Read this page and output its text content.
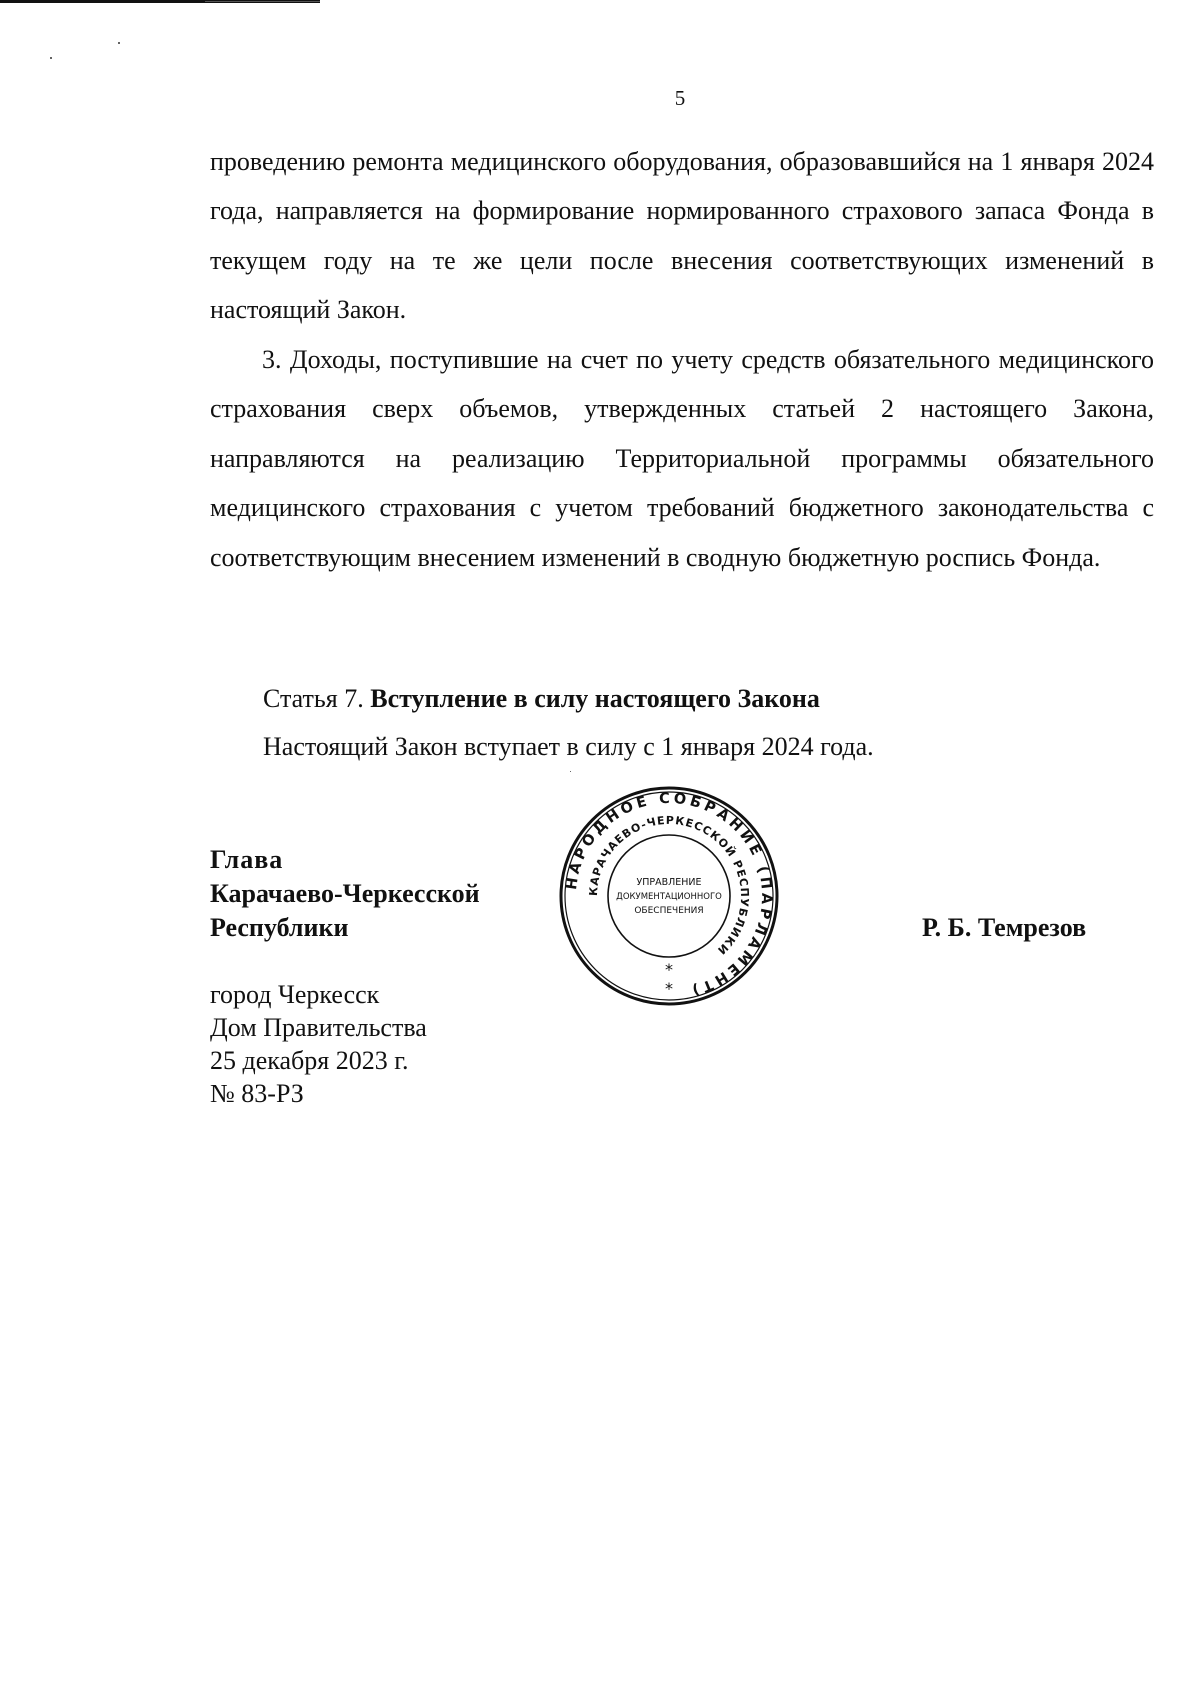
5
проведению ремонта медицинского оборудования, образовавшийся на 1 января 2024 года, направляется на формирование нормированного страхового запаса Фонда в текущем году на те же цели после внесения соответствующих изменений в настоящий Закон.
3. Доходы, поступившие на счет по учету средств обязательного медицинского страхования сверх объемов, утвержденных статьей 2 настоящего Закона, направляются на реализацию Территориальной программы обязательного медицинского страхования с учетом требований бюджетного законодательства с соответствующим внесением изменений в сводную бюджетную роспись Фонда.
Статья 7. Вступление в силу настоящего Закона
Настоящий Закон вступает в силу с 1 января 2024 года.
Глава
Карачаево-Черкесской
Республики	Р. Б. Темрезов
город Черкесск
Дом Правительства
25 декабря 2023 г.
№ 83-РЗ
НАРОДНОЕ СОБРАНИЕ (ПАРЛАМЕНТ)
КАРАЧАЕВО-ЧЕРКЕССКОЙ РЕСПУБЛИКИ
УПРАВЛЕНИЕ
ДОКУМЕНТАЦИОННОГО
ОБЕСПЕЧЕНИЯ
*
*
